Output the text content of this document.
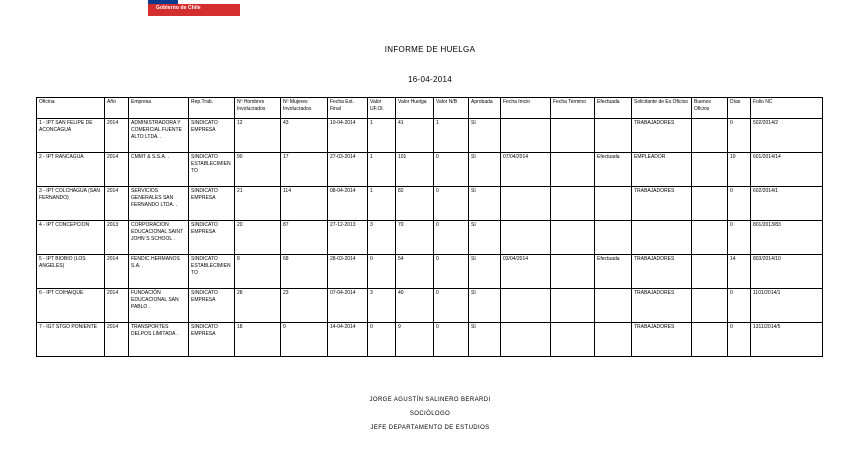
Gobierno de Chile
INFORME DE HUELGA
16-04-2014
Oficina	Año	Empresa	Rep.Trab.	Nº Hombres Involucrados	Nº Mujeres Involucrados	Fecha Ext. Final	Valor UF.Ol.	Valor Huelga	Valor N/B	Aprobada	Fecha Inicio	Fecha Termino	Efectuada	Solicitante de Ex.Oficios	Buenos Oficios	Días	Folio NC
1 - IPT SAN FELIPE DE ACONCAGUA	2014	ADMINISTRADORA Y COMERCIAL FUENTE ALTO LTDA. .	SINDICATO EMPRESA	12	43	10-04-2014	1	41	1	SI				TRABAJADORES		0	502/2014/2
2 - IPT RANCAGUA	2014	CMMT & S.S.A. .	SINDICATO ESTABLECIMIENTO	90	17	27-03-2014	1	101	0	SI	07/04/2014		Efectuada	EMPLEADOR		10	601/2014/14
3 - IPT COLCHAGUA (SAN FERNANDO)	2014	SERVICIOS GENERALES SAN FERNANDO LTDA. .	SINDICATO EMPRESA	21	114	08-04-2014	1	82	0	SI				TRABAJADORES		0	602/2014/1
4 - IPT CONCEPCION	2013	CORPORACION EDUCACIONAL SAINT JOHN´S SCHOOL .	SINDICATO EMPRESA	20	87	27-12-2013	3	70	0	SI						0	801/2013/83
5 - IPT BIOBIO (LOS ANGELES)	2014	FENDIC HERMANOS S.A. .	SINDICATO ESTABLECIMIENTO	8	68	28-03-2014	0	54	0	SI	03/04/2014		Efectuada	TRABAJADORES		14	803/2014/10
6 - IPT COIHAIQUE	2014	FUNDACIÓN EDUCACIONAL SAN PABLO .	SINDICATO EMPRESA	28	23	07-04-2014	3	40	0	SI				TRABAJADORES		0	1101/2014/1
7 - IGT STGO PONIENTE	2014	TRANSPORTES DELPOS LIMITADA .	SINDICATO EMPRESA	18	0	14-04-2014	0	9	0	SI				TRABAJADORES		0	1311/2014/5
JORGE AGUSTÍN SALINERO BERARDI
SOCIÓLOGO
JEFE DEPARTAMENTO DE ESTUDIOS
